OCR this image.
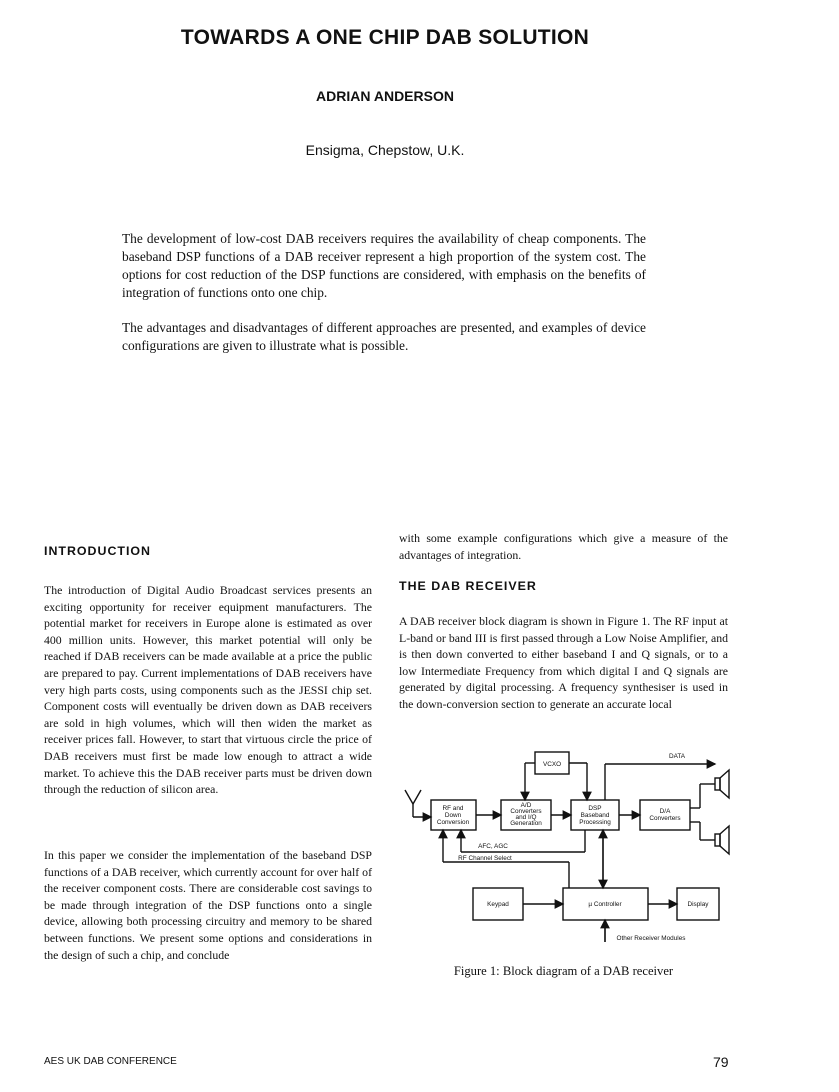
TOWARDS A ONE CHIP DAB SOLUTION
ADRIAN ANDERSON
Ensigma, Chepstow, U.K.

The development of low-cost DAB receivers requires the availability of cheap components. The baseband DSP functions of a DAB receiver represent a high proportion of the system cost. The options for cost reduction of the DSP functions are considered, with emphasis on the benefits of integration of functions onto one chip.

The advantages and disadvantages of different approaches are presented, and examples of device configurations are given to illustrate what is possible.

INTRODUCTION

The introduction of Digital Audio Broadcast services presents an exciting opportunity for receiver equipment manufacturers. The potential market for receivers in Europe alone is estimated as over 400 million units. However, this market potential will only be reached if DAB receivers can be made available at a price the public are prepared to pay. Current implementations of DAB receivers have very high parts costs, using components such as the JESSI chip set. Component costs will eventually be driven down as DAB receivers are sold in high volumes, which will then widen the market as receiver prices fall. However, to start that virtuous circle the price of DAB receivers must first be made low enough to attract a wide market. To achieve this the DAB receiver parts must be driven down through the reduction of silicon area.

In this paper we consider the implementation of the baseband DSP functions of a DAB receiver, which currently account for over half of the receiver component costs. There are considerable cost savings to be made through integration of the DSP functions onto a single device, allowing both processing circuitry and memory to be shared between functions. We present some options and considerations in the design of such a chip, and conclude

with some example configurations which give a measure of the advantages of integration.

THE DAB RECEIVER

A DAB receiver block diagram is shown in Figure 1. The RF input at L-band or band III is first passed through a Low Noise Amplifier, and is then down converted to either baseband I and Q signals, or to a low Intermediate Frequency from which digital I and Q signals are generated by digital processing. A frequency synthesiser is used in the down-conversion section to generate an accurate local

VCXO
RF and
Down
Conversion
A/D
Converters
and I/Q
Generation
DSP
Baseband
Processing
D/A
Converters
DATA
AFC, AGC
RF Channel Select
Keypad	µ Controller	Display
Other Receiver Modules
Figure 1: Block diagram of a DAB receiver
AES UK DAB CONFERENCE	79
